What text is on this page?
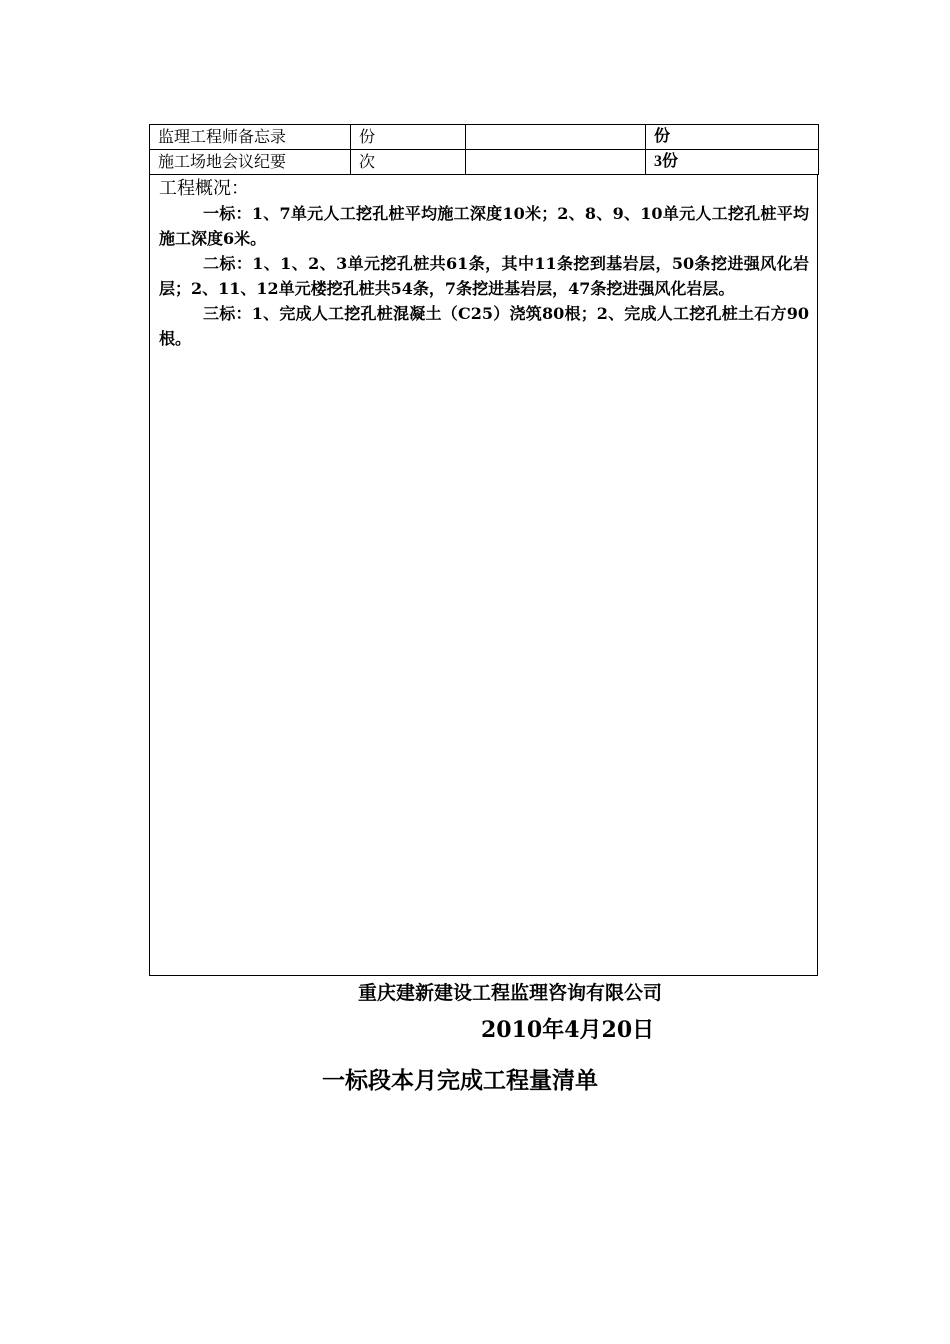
监理工程师备忘录	份		份
施工场地会议纪要	次		3份
工程概况：

一标：1、7单元人工挖孔桩平均施工深度10米；2、8、9、10单元人工挖孔桩平均施工深度6米。

二标：1、1、2、3单元挖孔桩共61条，其中11条挖到基岩层，50条挖进强风化岩层；2、11、12单元楼挖孔桩共54条，7条挖进基岩层，47条挖进强风化岩层。

三标：1、完成人工挖孔桩混凝土（C25）浇筑80根；2、完成人工挖孔桩土石方90根。

重庆建新建设工程监理咨询有限公司
2010年4月20日
一标段本月完成工程量清单
